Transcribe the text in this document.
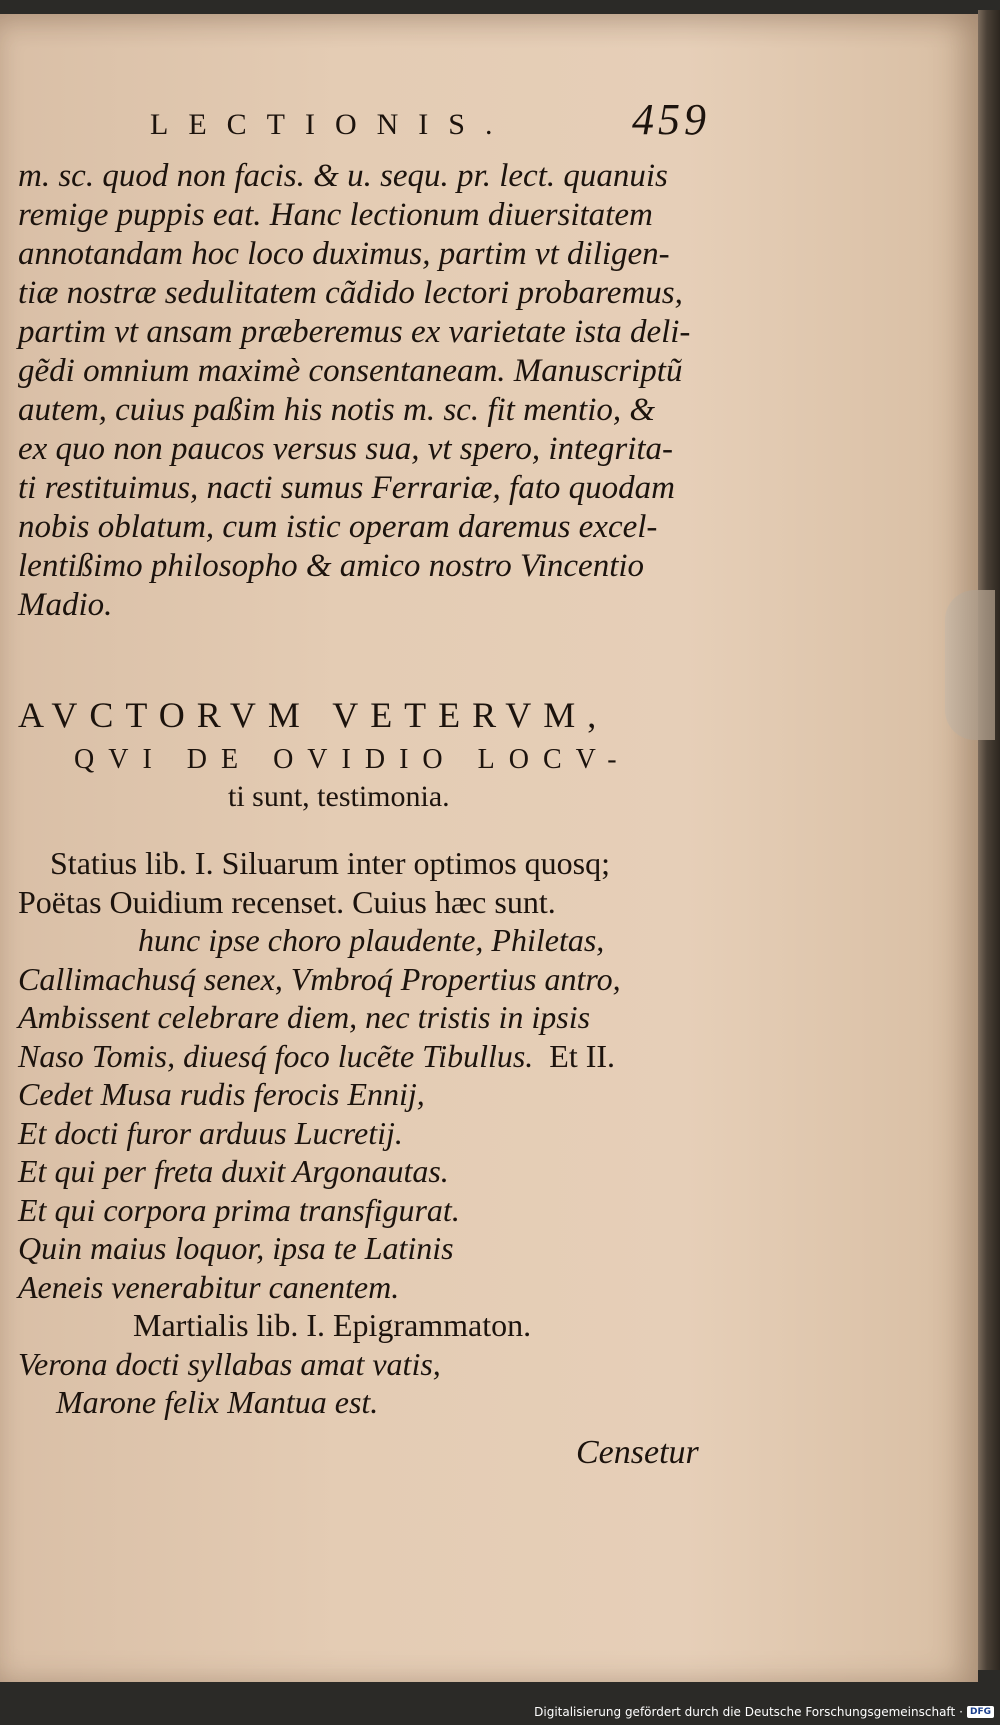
LECTIONIS.	459
m. sc. quod non facis. & u. sequ. pr. lect. quanuis
remige puppis eat. Hanc lectionum diuersitatem
annotandam hoc loco duximus, partim vt diligen-
tiæ nostræ sedulitatem cãdido lectori probaremus,
partim vt ansam præberemus ex varietate ista deli-
gẽdi omnium maximè consentaneam. Manuscriptũ
autem, cuius paßim his notis m. sc. fit mentio, &
ex quo non paucos versus sua, vt spero, integrita-
ti restituimus, nacti sumus Ferrariæ, fato quodam
nobis oblatum, cum istic operam daremus excel-
lentißimo philosopho & amico nostro Vincentio
Madio.
AVCTORVM VETERVM,
QVI DE OVIDIO LOCV-
ti sunt, testimonia.
Statius lib. I. Siluarum inter optimos quosq;
Poëtas Ouidium recenset. Cuius hæc sunt.
hunc ipse choro plaudente, Philetas,
Callimachusq́ senex, Vmbroq́ Propertius antro,
Ambissent celebrare diem, nec tristis in ipsis
Naso Tomis, diuesq́ foco lucẽte Tibullus. Et II.
Cedet Musa rudis ferocis Ennij,
Et docti furor arduus Lucretij.
Et qui per freta duxit Argonautas.
Et qui corpora prima transfigurat.
Quin maius loquor, ipsa te Latinis
Aeneis venerabitur canentem.
Martialis lib. I. Epigrammaton.
Verona docti syllabas amat vatis,
Marone felix Mantua est.
Censetur
Digitalisierung gefördert durch die Deutsche Forschungsgemeinschaft · DFG
